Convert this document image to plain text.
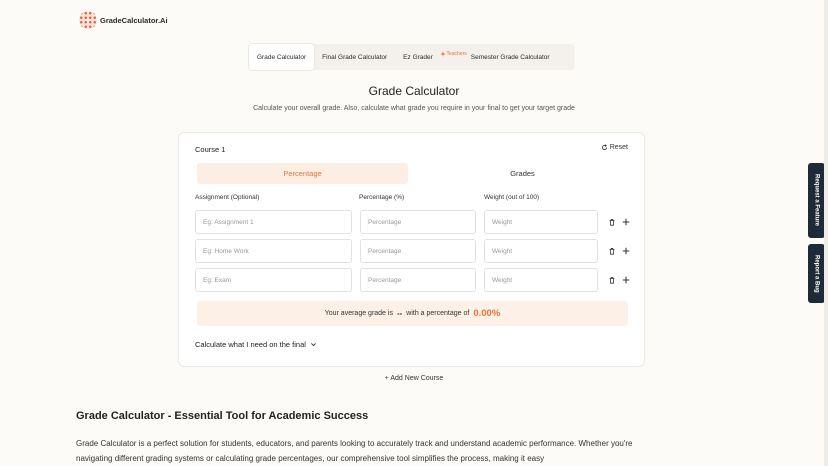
GradeCalculator.Ai
Grade Calculator Final Grade Calculator Ez Grader	Teachers Semester Grade Calculator
Grade Calculator
Calculate your overall grade. Also, calculate what grade you require in your final to get your target grade
Course 1	Reset
Percentage	Grades
Assignment (Optional)	Percentage (%)	Weight (out of 100)
Eg: Assignment 1	Percentage	Weight
Eg: Home Work	Percentage	Weight
Eg: Exam	Percentage	Weight
Your average grade is -- with a percentage of 0.00%
Calculate what I need on the final
+ Add New Course
Grade Calculator - Essential Tool for Academic Success
Grade Calculator is a perfect solution for students, educators, and parents looking to accurately track and understand academic performance. Whether you're navigating different grading systems or calculating grade percentages, our comprehensive tool simplifies the process, making it easy
Request a Feature
Report a Bug
